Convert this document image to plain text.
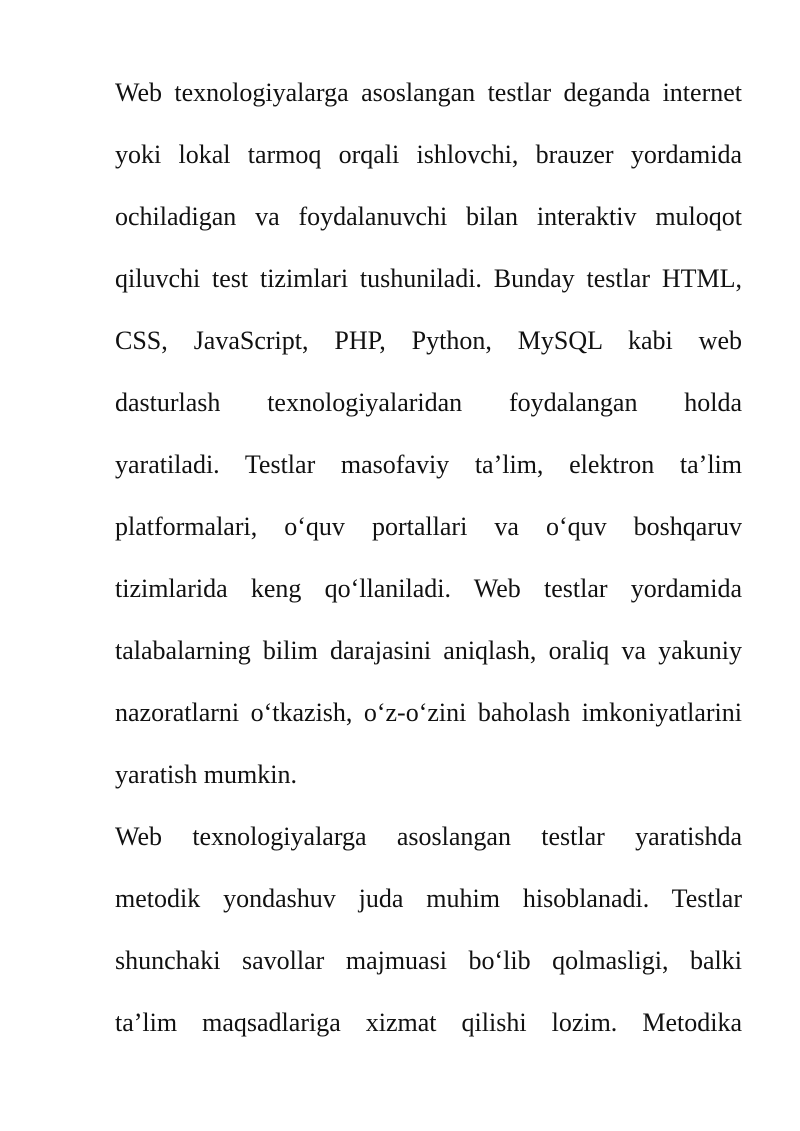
Web texnologiyalarga asoslangan testlar deganda internet
yoki lokal tarmoq orqali ishlovchi, brauzer yordamida
ochiladigan va foydalanuvchi bilan interaktiv muloqot
qiluvchi test tizimlari tushuniladi. Bunday testlar HTML,
CSS, JavaScript, PHP, Python, MySQL kabi web
dasturlash texnologiyalaridan foydalangan holda
yaratiladi. Testlar masofaviy ta’lim, elektron ta’lim
platformalari, o‘quv portallari va o‘quv boshqaruv
tizimlarida keng qo‘llaniladi. Web testlar yordamida
talabalarning bilim darajasini aniqlash, oraliq va yakuniy
nazoratlarni o‘tkazish, o‘z-o‘zini baholash imkoniyatlarini
yaratish mumkin.
Web texnologiyalarga asoslangan testlar yaratishda
metodik yondashuv juda muhim hisoblanadi. Testlar
shunchaki savollar majmuasi bo‘lib qolmasligi, balki
ta’lim maqsadlariga xizmat qilishi lozim. Metodika
